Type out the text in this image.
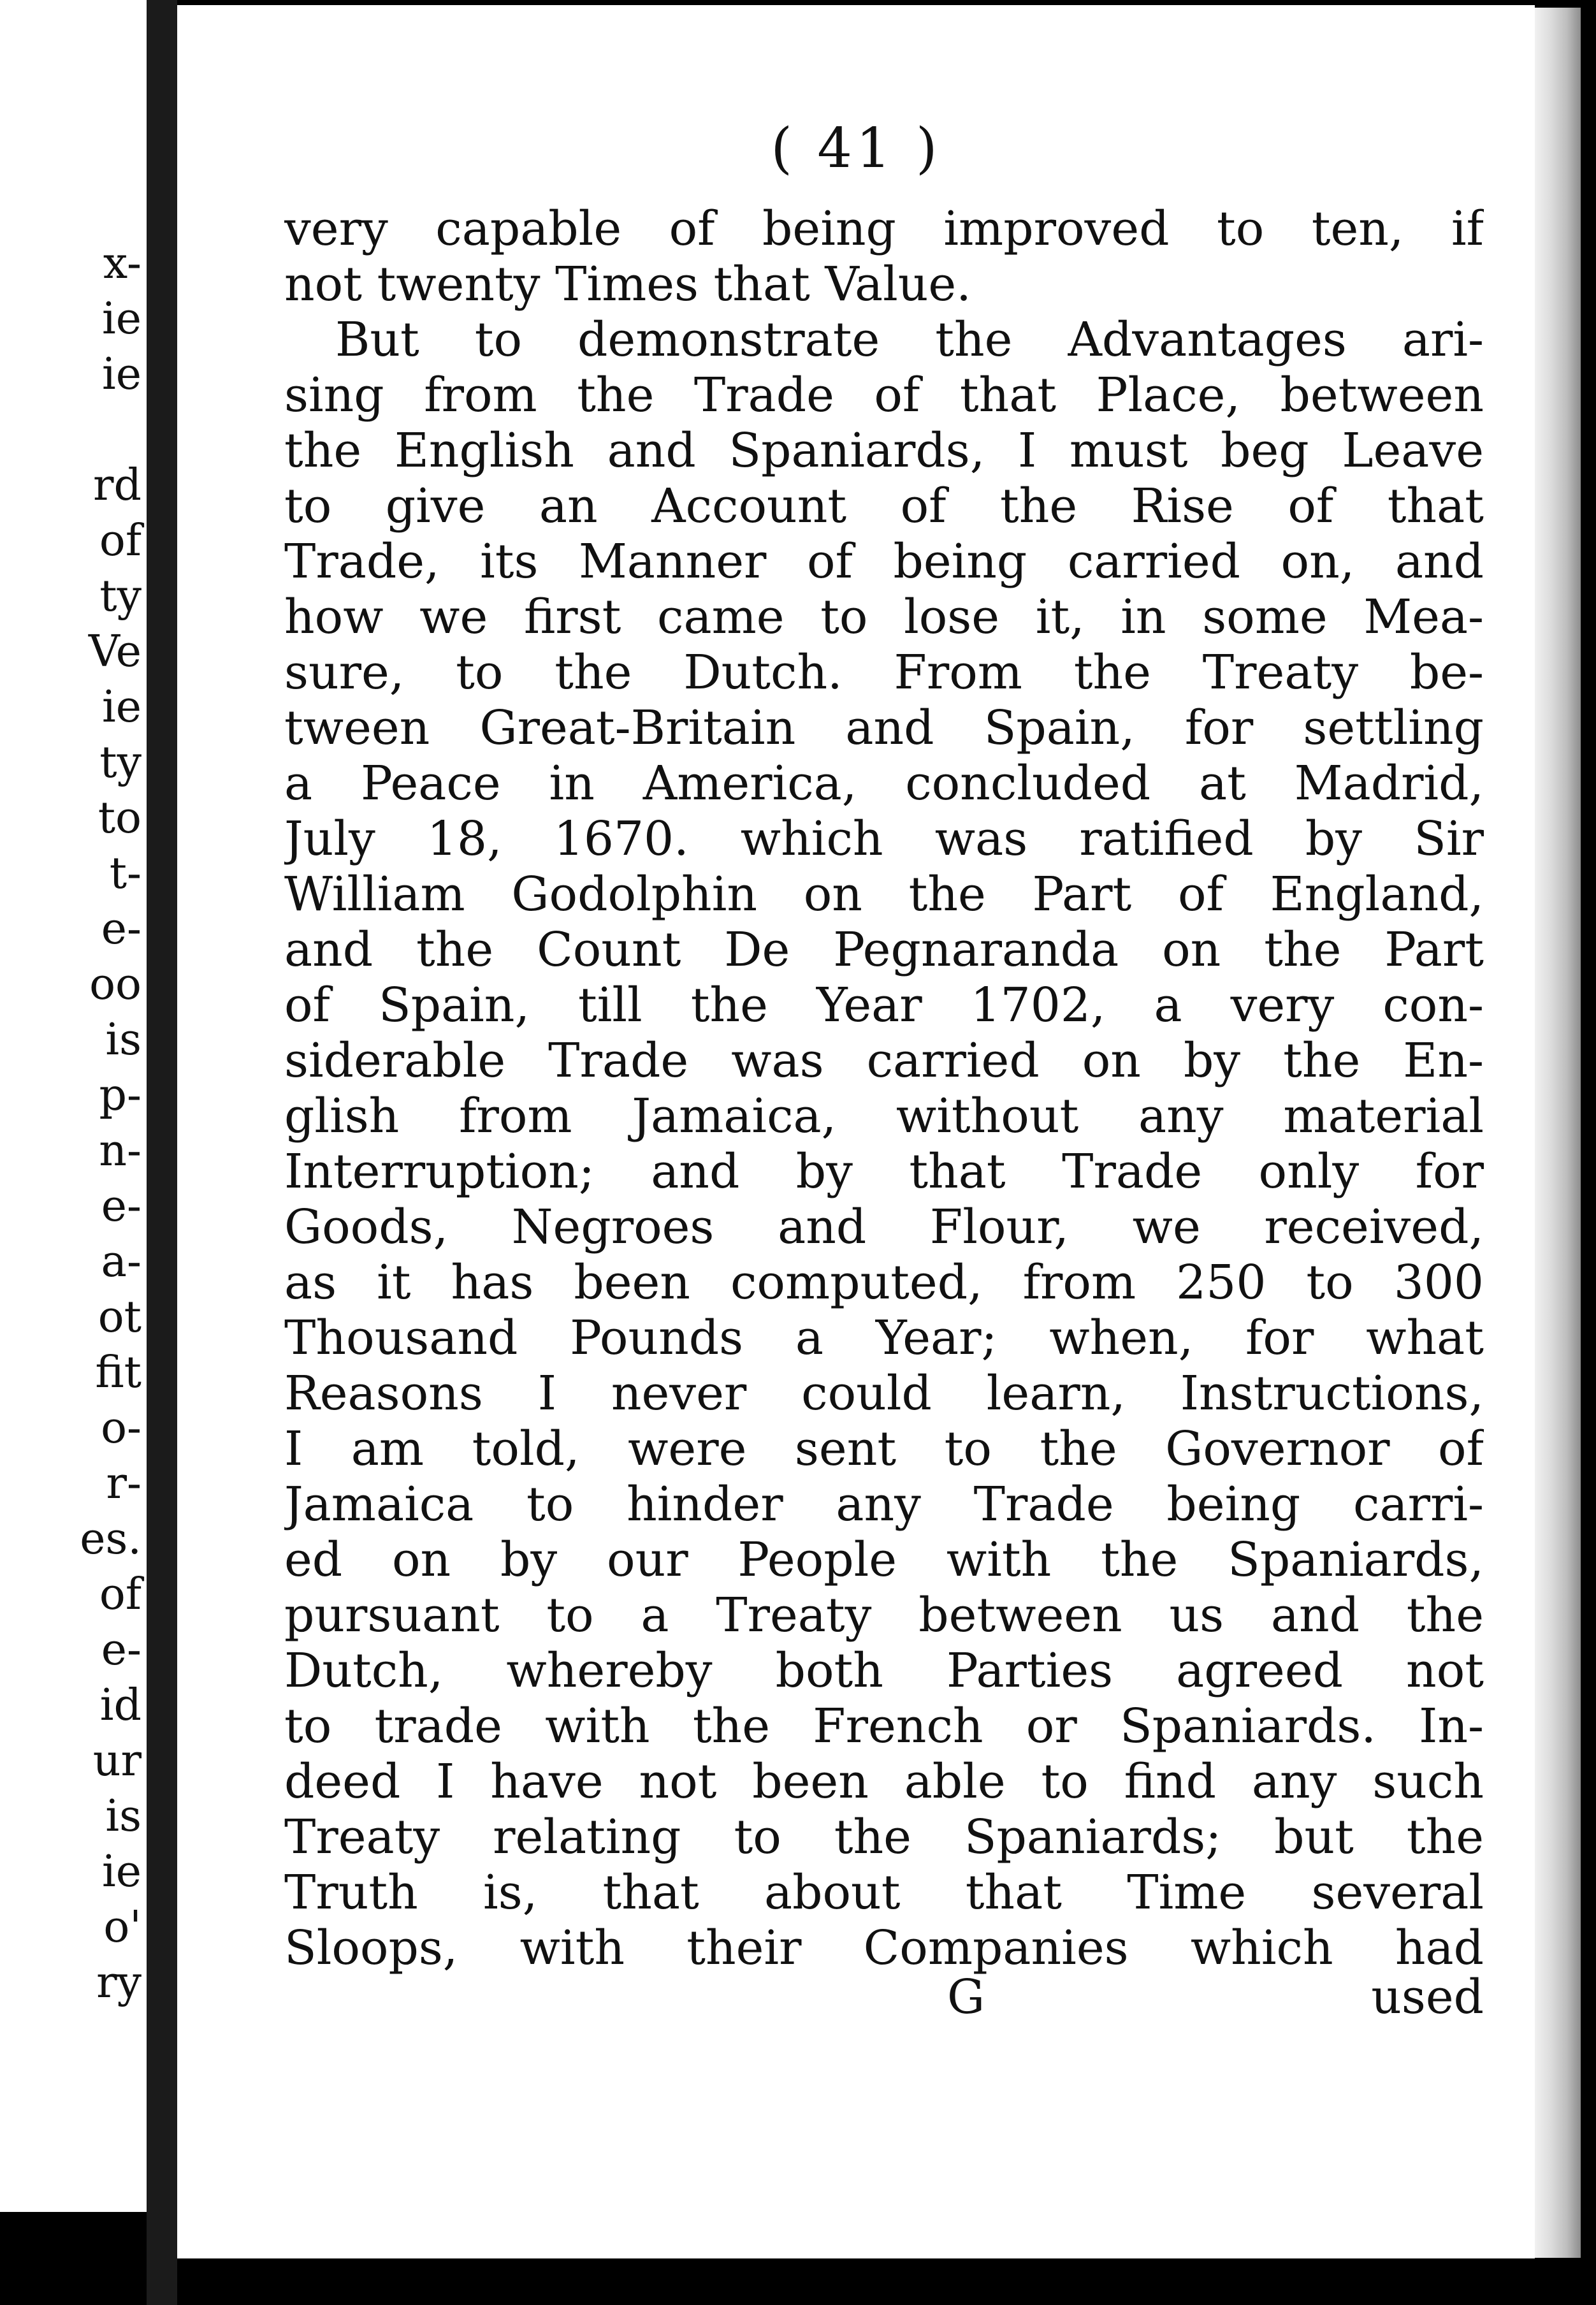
x-
ie
ie
rd
of
ty
Ve
ie
ty
to
t-
e-
oo
is
p-
n-
e-
a-
ot
fit
o-
r-
es.
of
e-
id
ur
is
ie
o'
ry
( 41 )
very capable of being improved to ten, if
not twenty Times that Value.
But to demonstrate the Advantages ari-
sing from the Trade of that Place, between
the English and Spaniards, I must beg Leave
to give an Account of the Rise of that
Trade, its Manner of being carried on, and
how we first came to lose it, in some Mea-
sure, to the Dutch. From the Treaty be-
tween Great-Britain and Spain, for settling
a Peace in America, concluded at Madrid,
July 18, 1670. which was ratified by Sir
William Godolphin on the Part of England,
and the Count De Pegnaranda on the Part
of Spain, till the Year 1702, a very con-
siderable Trade was carried on by the En-
glish from Jamaica, without any material
Interruption; and by that Trade only for
Goods, Negroes and Flour, we received,
as it has been computed, from 250 to 300
Thousand Pounds a Year; when, for what
Reasons I never could learn, Instructions,
I am told, were sent to the Governor of
Jamaica to hinder any Trade being carri-
ed on by our People with the Spaniards,
pursuant to a Treaty between us and the
Dutch, whereby both Parties agreed not
to trade with the French or Spaniards. In-
deed I have not been able to find any such
Treaty relating to the Spaniards; but the
Truth is, that about that Time several
Sloops, with their Companies which had
G	used
